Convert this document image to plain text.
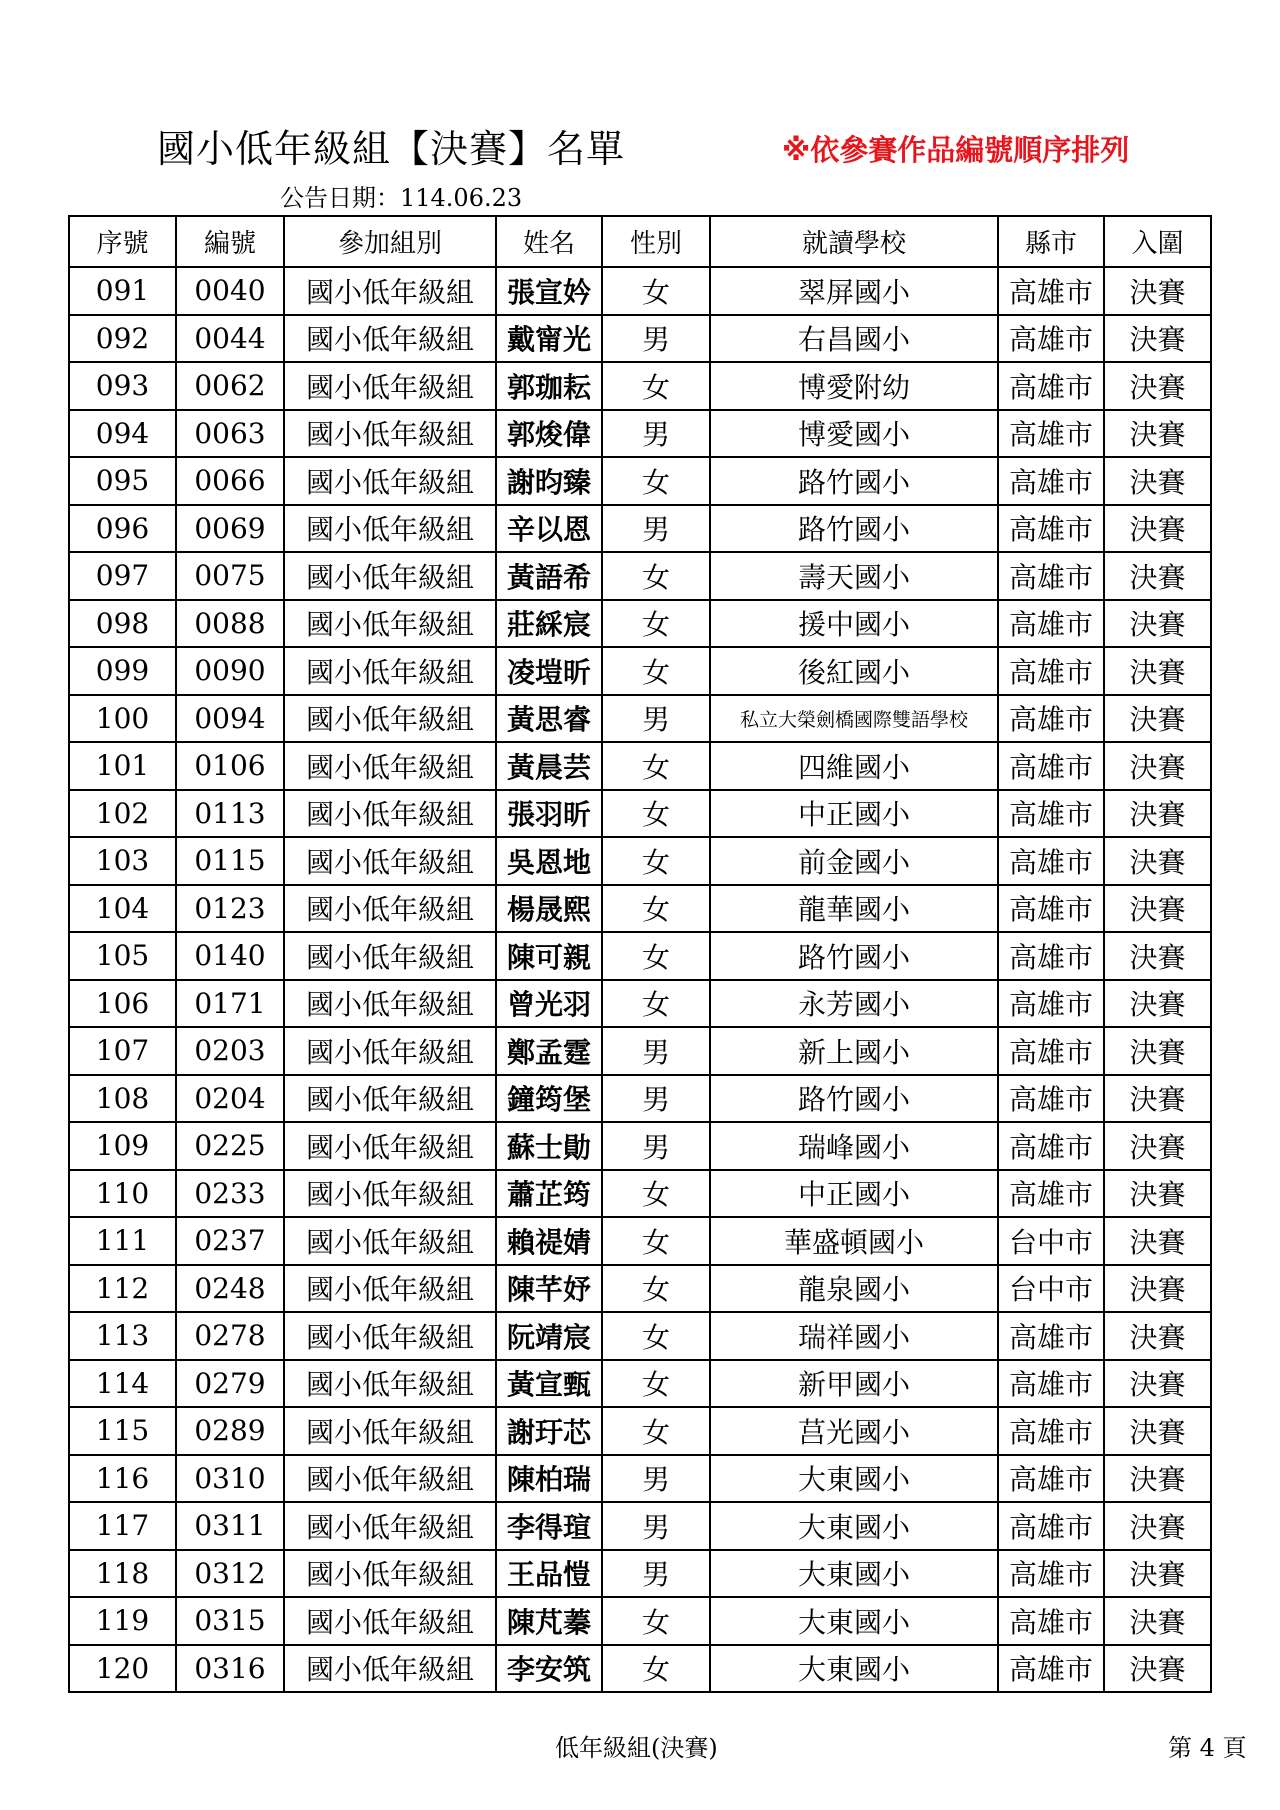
國小低年級組【決賽】名單	※依參賽作品編號順序排列
公告日期：114.06.23
序號	編號	參加組別	姓名	性別	就讀學校	縣市	入圍
091	0040	國小低年級組	張宣妗	女	翠屏國小	高雄市	決賽
092	0044	國小低年級組	戴甯光	男	右昌國小	高雄市	決賽
093	0062	國小低年級組	郭珈耘	女	博愛附幼	高雄市	決賽
094	0063	國小低年級組	郭焌偉	男	博愛國小	高雄市	決賽
095	0066	國小低年級組	謝昀臻	女	路竹國小	高雄市	決賽
096	0069	國小低年級組	辛以恩	男	路竹國小	高雄市	決賽
097	0075	國小低年級組	黃語希	女	壽天國小	高雄市	決賽
098	0088	國小低年級組	莊綵宸	女	援中國小	高雄市	決賽
099	0090	國小低年級組	凌塏昕	女	後紅國小	高雄市	決賽
100	0094	國小低年級組	黃思睿	男	私立大榮劍橋國際雙語學校	高雄市	決賽
101	0106	國小低年級組	黃晨芸	女	四維國小	高雄市	決賽
102	0113	國小低年級組	張羽昕	女	中正國小	高雄市	決賽
103	0115	國小低年級組	吳恩地	女	前金國小	高雄市	決賽
104	0123	國小低年級組	楊晟熙	女	龍華國小	高雄市	決賽
105	0140	國小低年級組	陳可親	女	路竹國小	高雄市	決賽
106	0171	國小低年級組	曾光羽	女	永芳國小	高雄市	決賽
107	0203	國小低年級組	鄭孟霆	男	新上國小	高雄市	決賽
108	0204	國小低年級組	鐘筠堡	男	路竹國小	高雄市	決賽
109	0225	國小低年級組	蘇士勛	男	瑞峰國小	高雄市	決賽
110	0233	國小低年級組	蕭芷筠	女	中正國小	高雄市	決賽
111	0237	國小低年級組	賴禔婧	女	華盛頓國小	台中市	決賽
112	0248	國小低年級組	陳芊妤	女	龍泉國小	台中市	決賽
113	0278	國小低年級組	阮靖宸	女	瑞祥國小	高雄市	決賽
114	0279	國小低年級組	黃宣甄	女	新甲國小	高雄市	決賽
115	0289	國小低年級組	謝玗芯	女	莒光國小	高雄市	決賽
116	0310	國小低年級組	陳柏瑞	男	大東國小	高雄市	決賽
117	0311	國小低年級組	李得瑄	男	大東國小	高雄市	決賽
118	0312	國小低年級組	王品愷	男	大東國小	高雄市	決賽
119	0315	國小低年級組	陳芃蓁	女	大東國小	高雄市	決賽
120	0316	國小低年級組	李安筑	女	大東國小	高雄市	決賽
低年級組(決賽)	第 4 頁
